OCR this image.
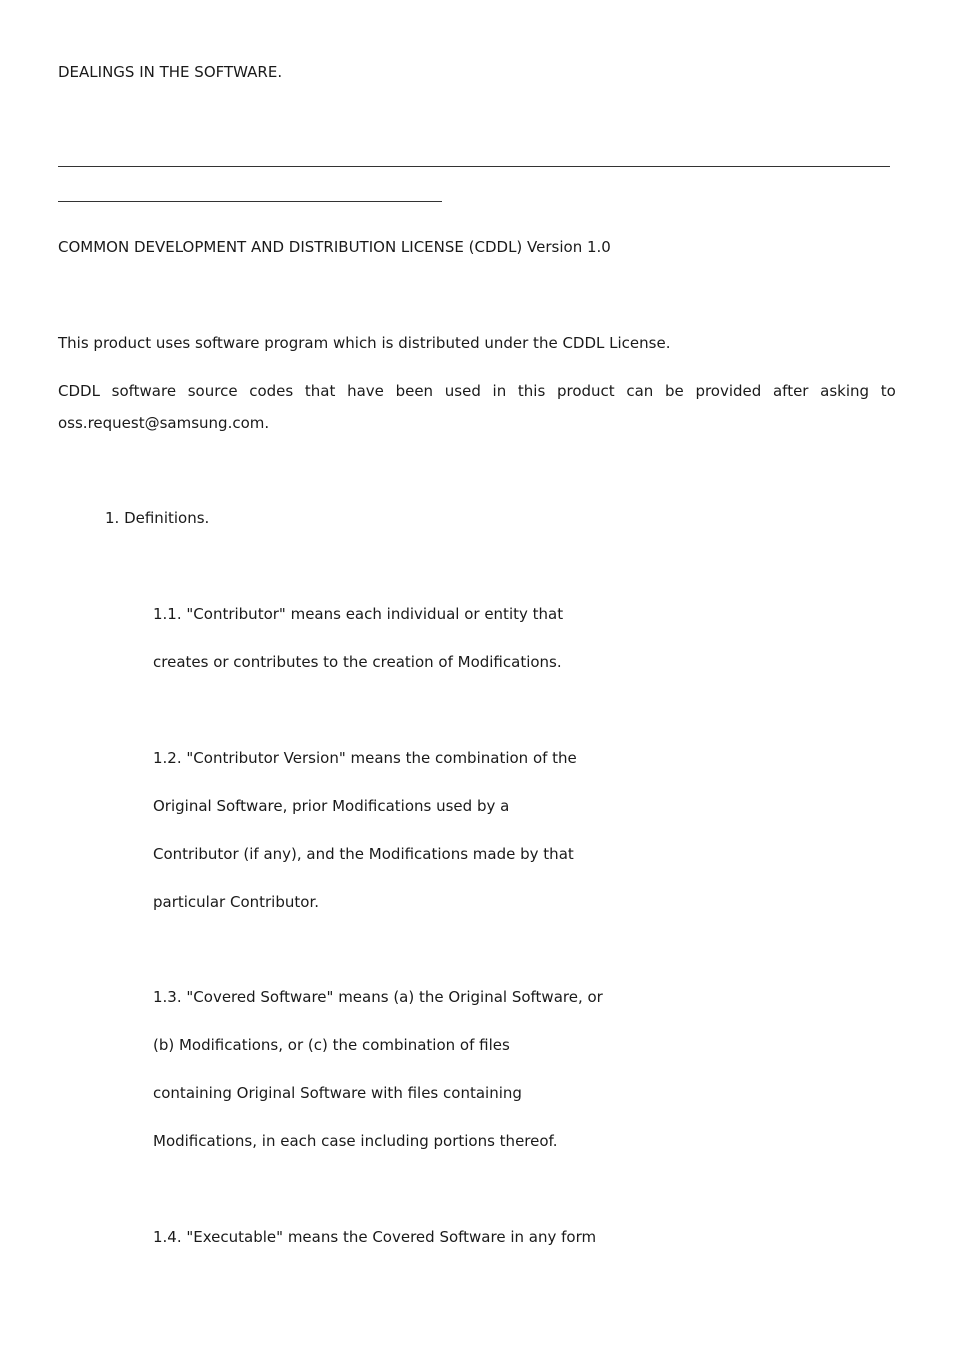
DEALINGS IN THE SOFTWARE.
COMMON DEVELOPMENT AND DISTRIBUTION LICENSE (CDDL) Version 1.0
This product uses software program which is distributed under the CDDL License.
CDDL software source codes that have been used in this product can be provided after asking to
oss.request@samsung.com.
1. Definitions.
1.1. "Contributor" means each individual or entity that
creates or contributes to the creation of Modifications.
1.2. "Contributor Version" means the combination of the
Original Software, prior Modifications used by a
Contributor (if any), and the Modifications made by that
particular Contributor.
1.3. "Covered Software" means (a) the Original Software, or
(b) Modifications, or (c) the combination of files
containing Original Software with files containing
Modifications, in each case including portions thereof.
1.4. "Executable" means the Covered Software in any form
